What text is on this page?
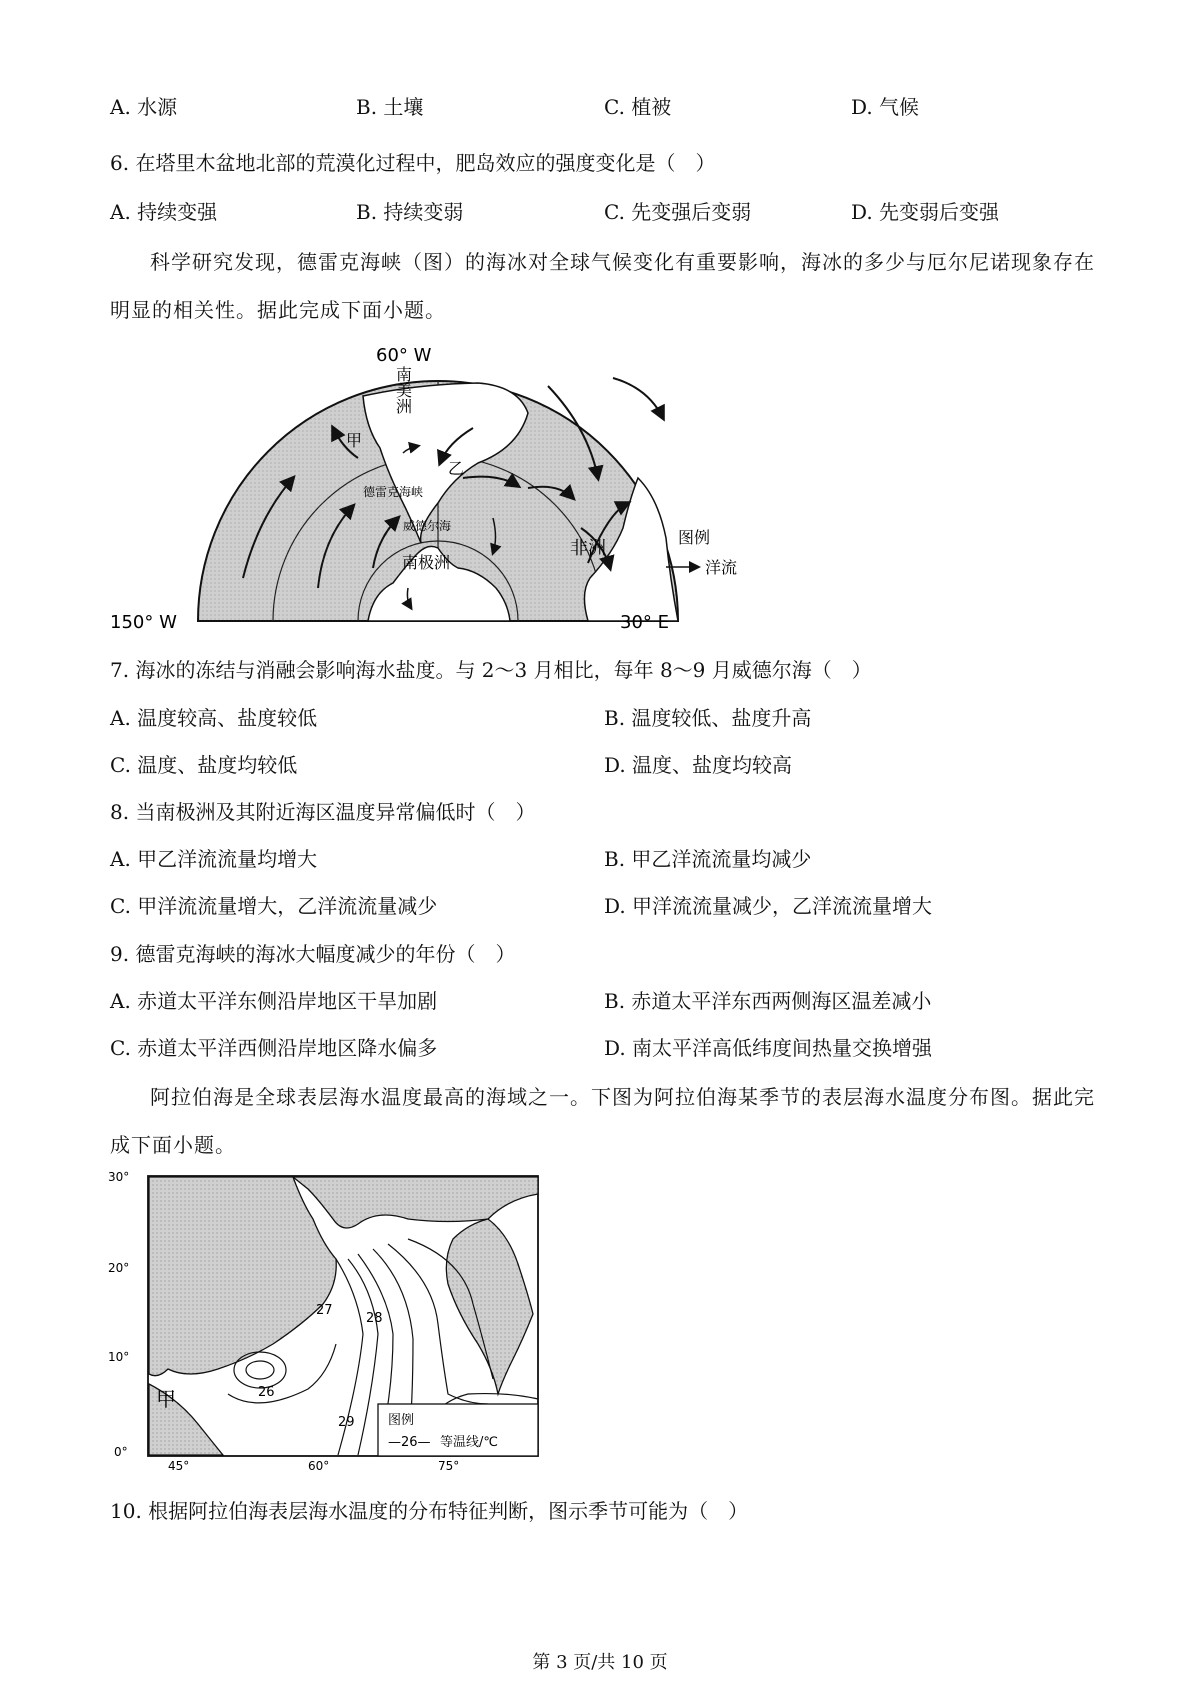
A. 水源	B. 土壤	C. 植被	D. 气候
6. 在塔里木盆地北部的荒漠化过程中，肥岛效应的强度变化是（　）
A. 持续变强	B. 持续变弱	C. 先变强后变弱	D. 先变弱后变强
科学研究发现，德雷克海峡（图）的海冰对全球气候变化有重要影响，海冰的多少与厄尔尼诺现象存在明显的相关性。据此完成下面小题。
60° W
150° W	30° E
南美洲
甲
乙
德雷克海峡
威德尔海
南极洲
非洲
图例
洋流
7. 海冰的冻结与消融会影响海水盐度。与 2～3 月相比，每年 8～9 月威德尔海（　）
A. 温度较高、盐度较低	B. 温度较低、盐度升高
C. 温度、盐度均较低	D. 温度、盐度均较高
8. 当南极洲及其附近海区温度异常偏低时（　）
A. 甲乙洋流流量均增大	B. 甲乙洋流流量均减少
C. 甲洋流流量增大，乙洋流流量减少	D. 甲洋流流量减少，乙洋流流量增大
9. 德雷克海峡的海冰大幅度减少的年份（　）
A. 赤道太平洋东侧沿岸地区干旱加剧	B. 赤道太平洋东西两侧海区温差减小
C. 赤道太平洋西侧沿岸地区降水偏多	D. 南太平洋高低纬度间热量交换增强
阿拉伯海是全球表层海水温度最高的海域之一。下图为阿拉伯海某季节的表层海水温度分布图。据此完成下面小题。
27
28
26
29
甲
30°
20°
10°
0°
45°	60°	75°
图例
—26— 等温线/℃
10. 根据阿拉伯海表层海水温度的分布特征判断，图示季节可能为（　）
第 3 页/共 10 页
